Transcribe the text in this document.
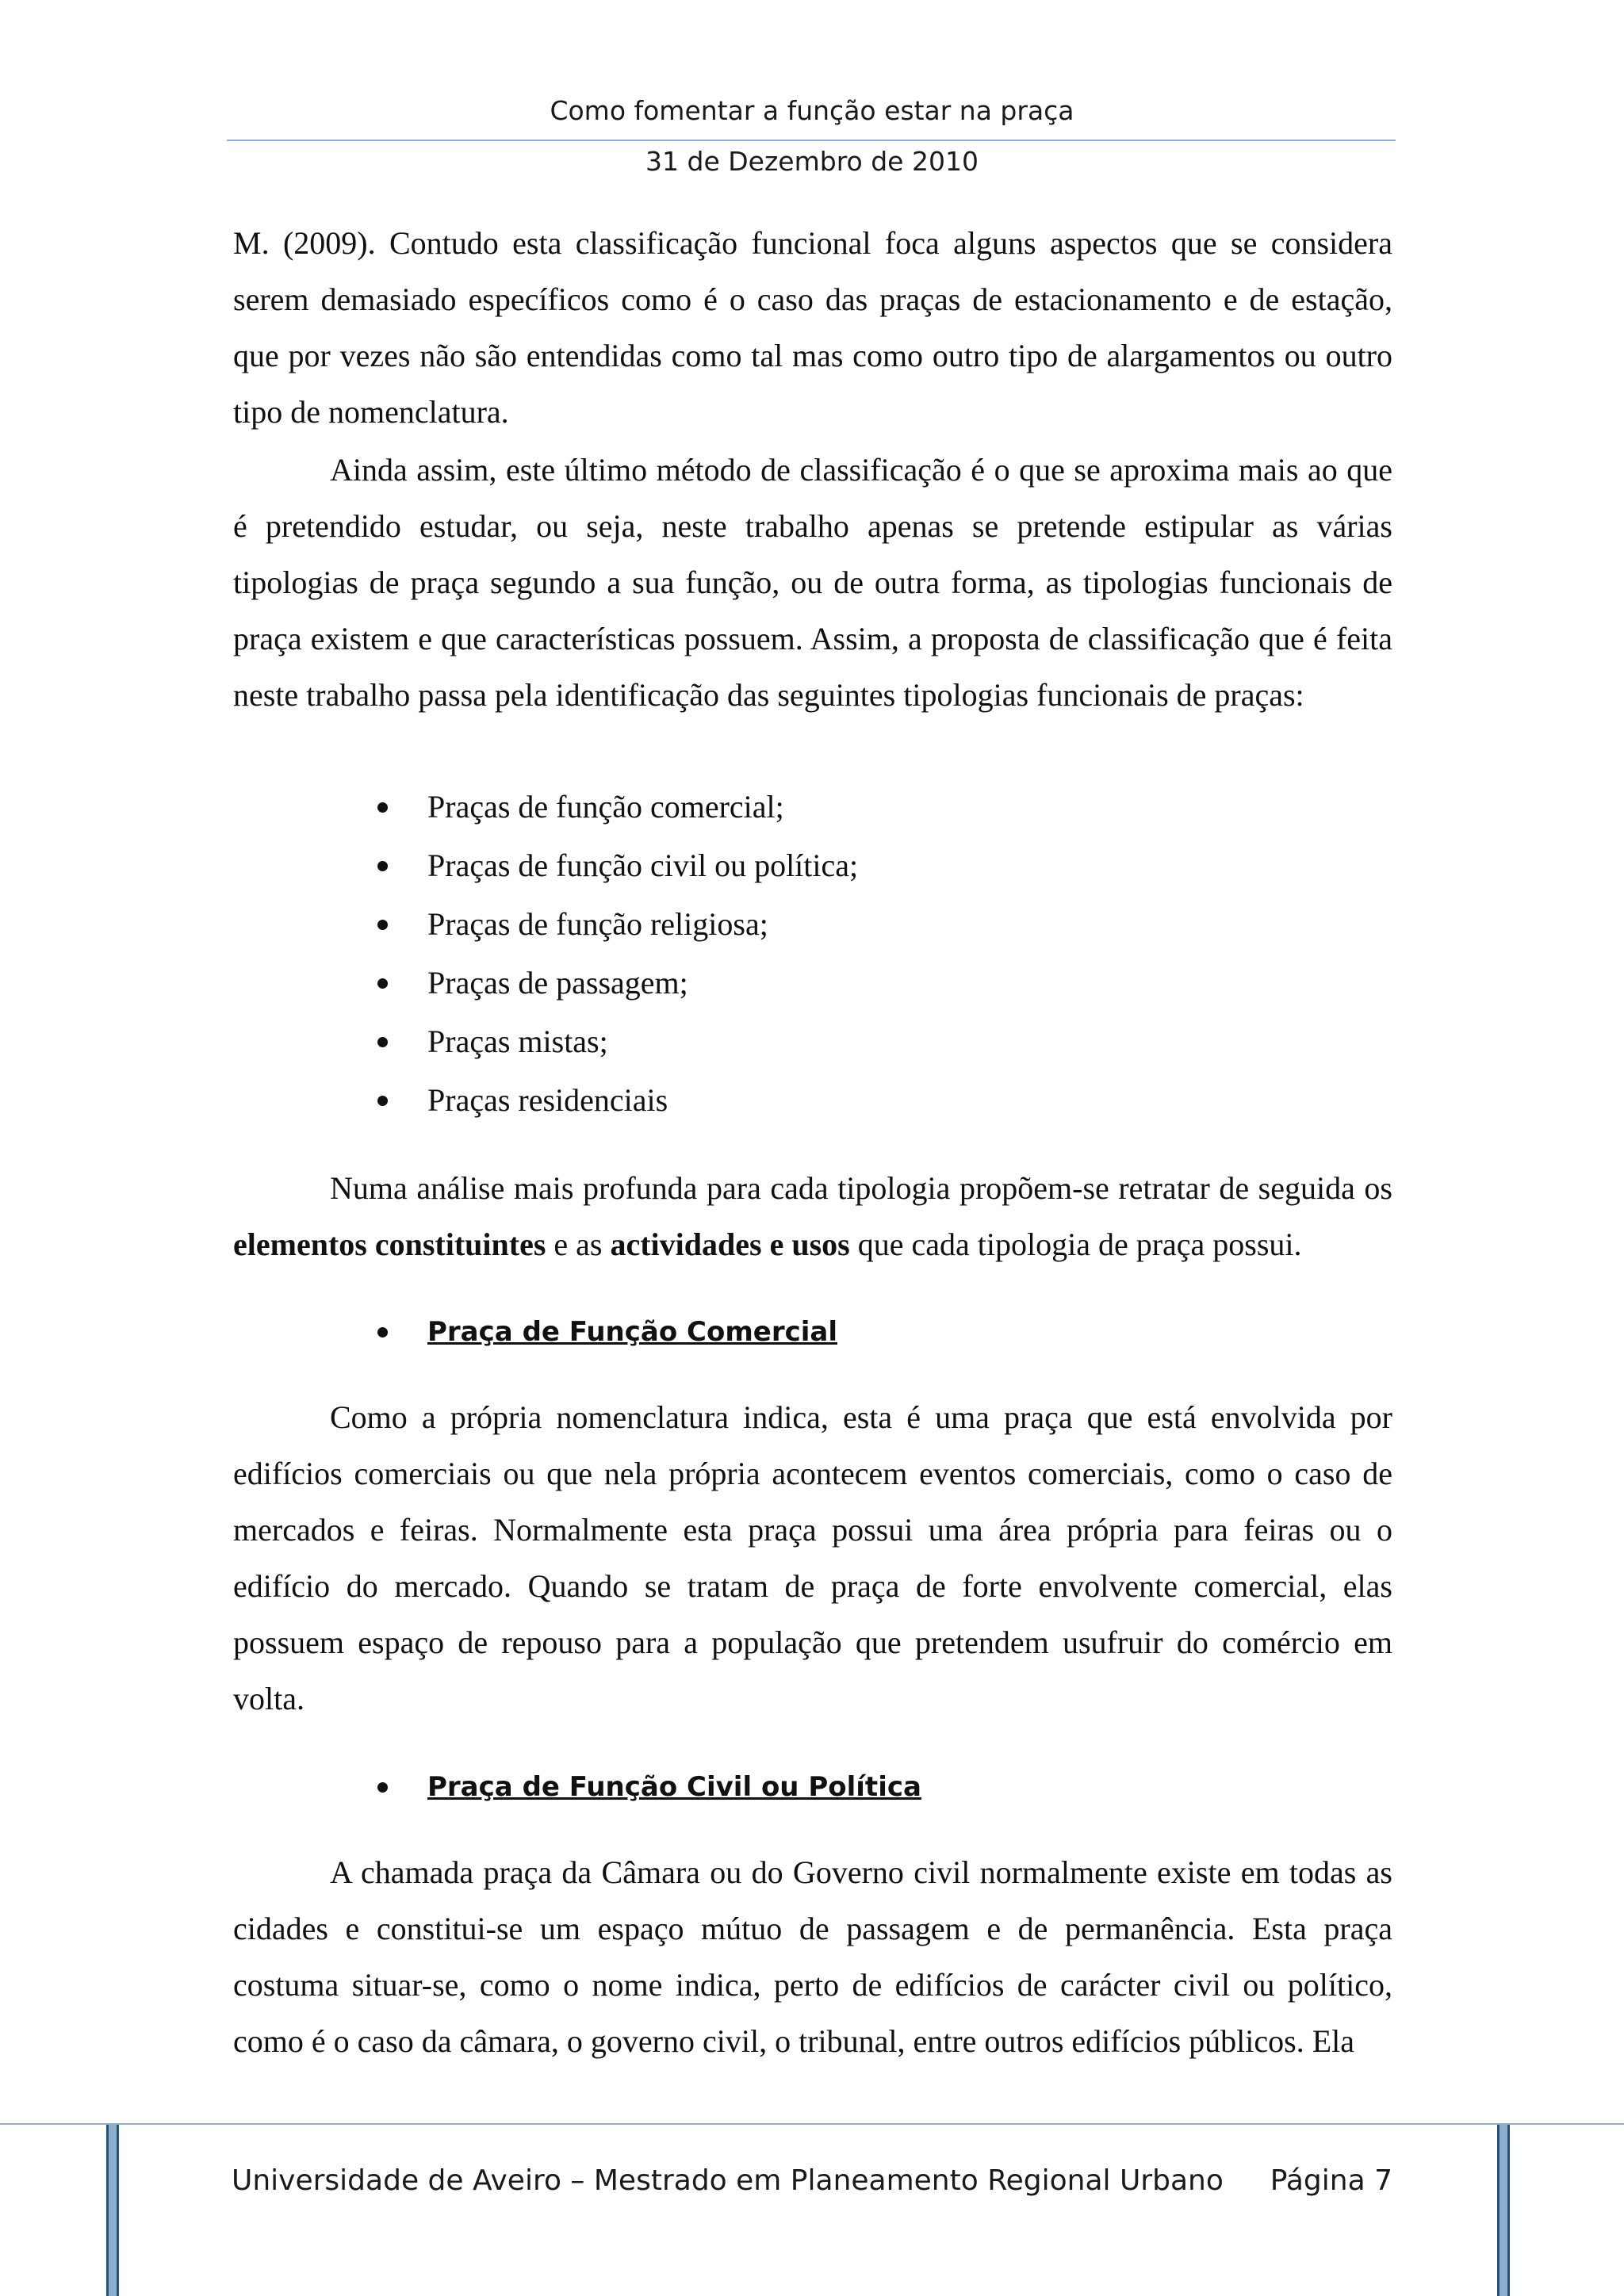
Como fomentar a função estar na praça
31 de Dezembro de 2010

M. (2009). Contudo esta classificação funcional foca alguns aspectos que se considera serem demasiado específicos como é o caso das praças de estacionamento e de estação, que por vezes não são entendidas como tal mas como outro tipo de alargamentos ou outro tipo de nomenclatura.

Ainda assim, este último método de classificação é o que se aproxima mais ao que é pretendido estudar, ou seja, neste trabalho apenas se pretende estipular as várias tipologias de praça segundo a sua função, ou de outra forma, as tipologias funcionais de praça existem e que características possuem. Assim, a proposta de classificação que é feita neste trabalho passa pela identificação das seguintes tipologias funcionais de praças:

Praças de função comercial;
Praças de função civil ou política;
Praças de função religiosa;
Praças de passagem;
Praças mistas;
Praças residenciais

Numa análise mais profunda para cada tipologia propõem-se retratar de seguida os elementos constituintes e as actividades e usos que cada tipologia de praça possui.

Praça de Função Comercial

Como a própria nomenclatura indica, esta é uma praça que está envolvida por edifícios comerciais ou que nela própria acontecem eventos comerciais, como o caso de mercados e feiras. Normalmente esta praça possui uma área própria para feiras ou o edifício do mercado. Quando se tratam de praça de forte envolvente comercial, elas possuem espaço de repouso para a população que pretendem usufruir do comércio em volta.

Praça de Função Civil ou Política

A chamada praça da Câmara ou do Governo civil normalmente existe em todas as cidades e constitui-se um espaço mútuo de passagem e de permanência. Esta praça costuma situar-se, como o nome indica, perto de edifícios de carácter civil ou político, como é o caso da câmara, o governo civil, o tribunal, entre outros edifícios públicos. Ela

Universidade de Aveiro – Mestrado em Planeamento Regional Urbano Página 7
